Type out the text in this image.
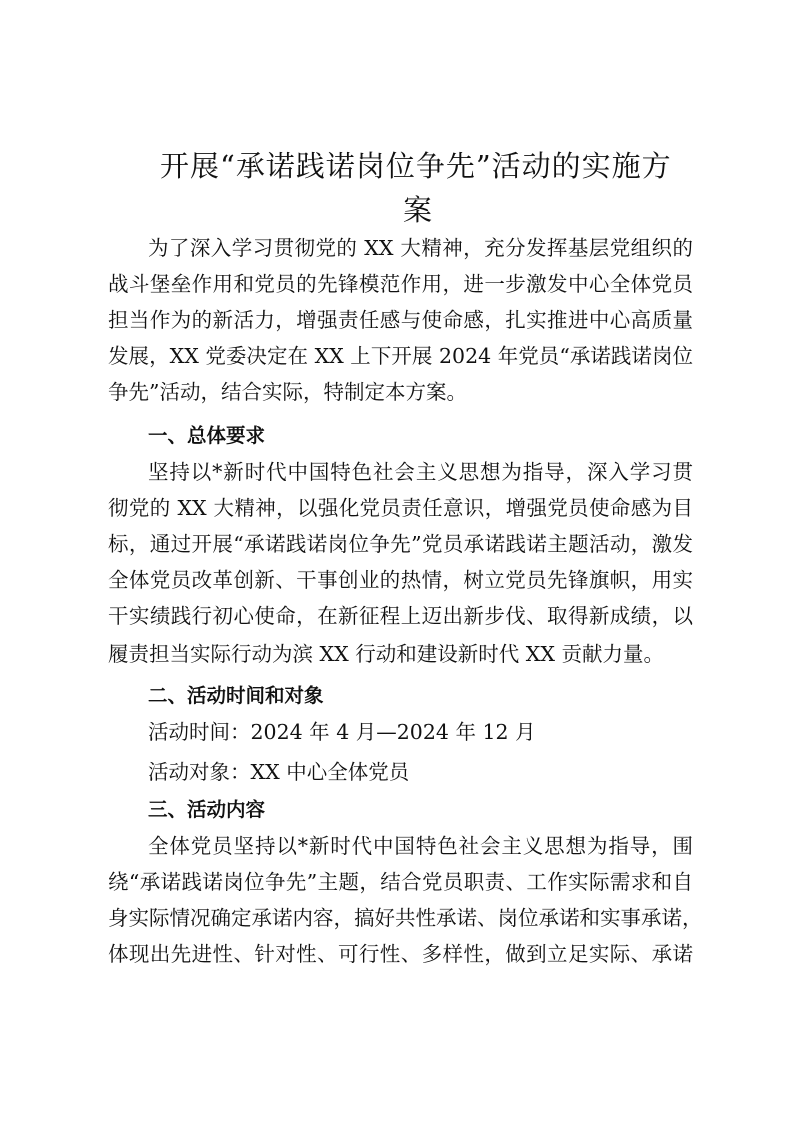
开展“承诺践诺岗位争先”活动的实施方
案

为了深入学习贯彻党的 XX 大精神，充分发挥基层党组织的

战斗堡垒作用和党员的先锋模范作用，进一步激发中心全体党员

担当作为的新活力，增强责任感与使命感，扎实推进中心高质量

发展，XX 党委决定在 XX 上下开展 2024 年党员“承诺践诺岗位

争先”活动，结合实际，特制定本方案。

一、总体要求

坚持以*新时代中国特色社会主义思想为指导，深入学习贯

彻党的 XX 大精神，以强化党员责任意识，增强党员使命感为目

标，通过开展“承诺践诺岗位争先”党员承诺践诺主题活动，激发

全体党员改革创新、干事创业的热情，树立党员先锋旗帜，用实

干实绩践行初心使命，在新征程上迈出新步伐、取得新成绩，以

履责担当实际行动为滨 XX 行动和建设新时代 XX 贡献力量。

二、活动时间和对象

活动时间：2024 年 4 月—2024 年 12 月

活动对象：XX 中心全体党员

三、活动内容

全体党员坚持以*新时代中国特色社会主义思想为指导，围

绕“承诺践诺岗位争先”主题，结合党员职责、工作实际需求和自

身实际情况确定承诺内容，搞好共性承诺、岗位承诺和实事承诺，

体现出先进性、针对性、可行性、多样性，做到立足实际、承诺
